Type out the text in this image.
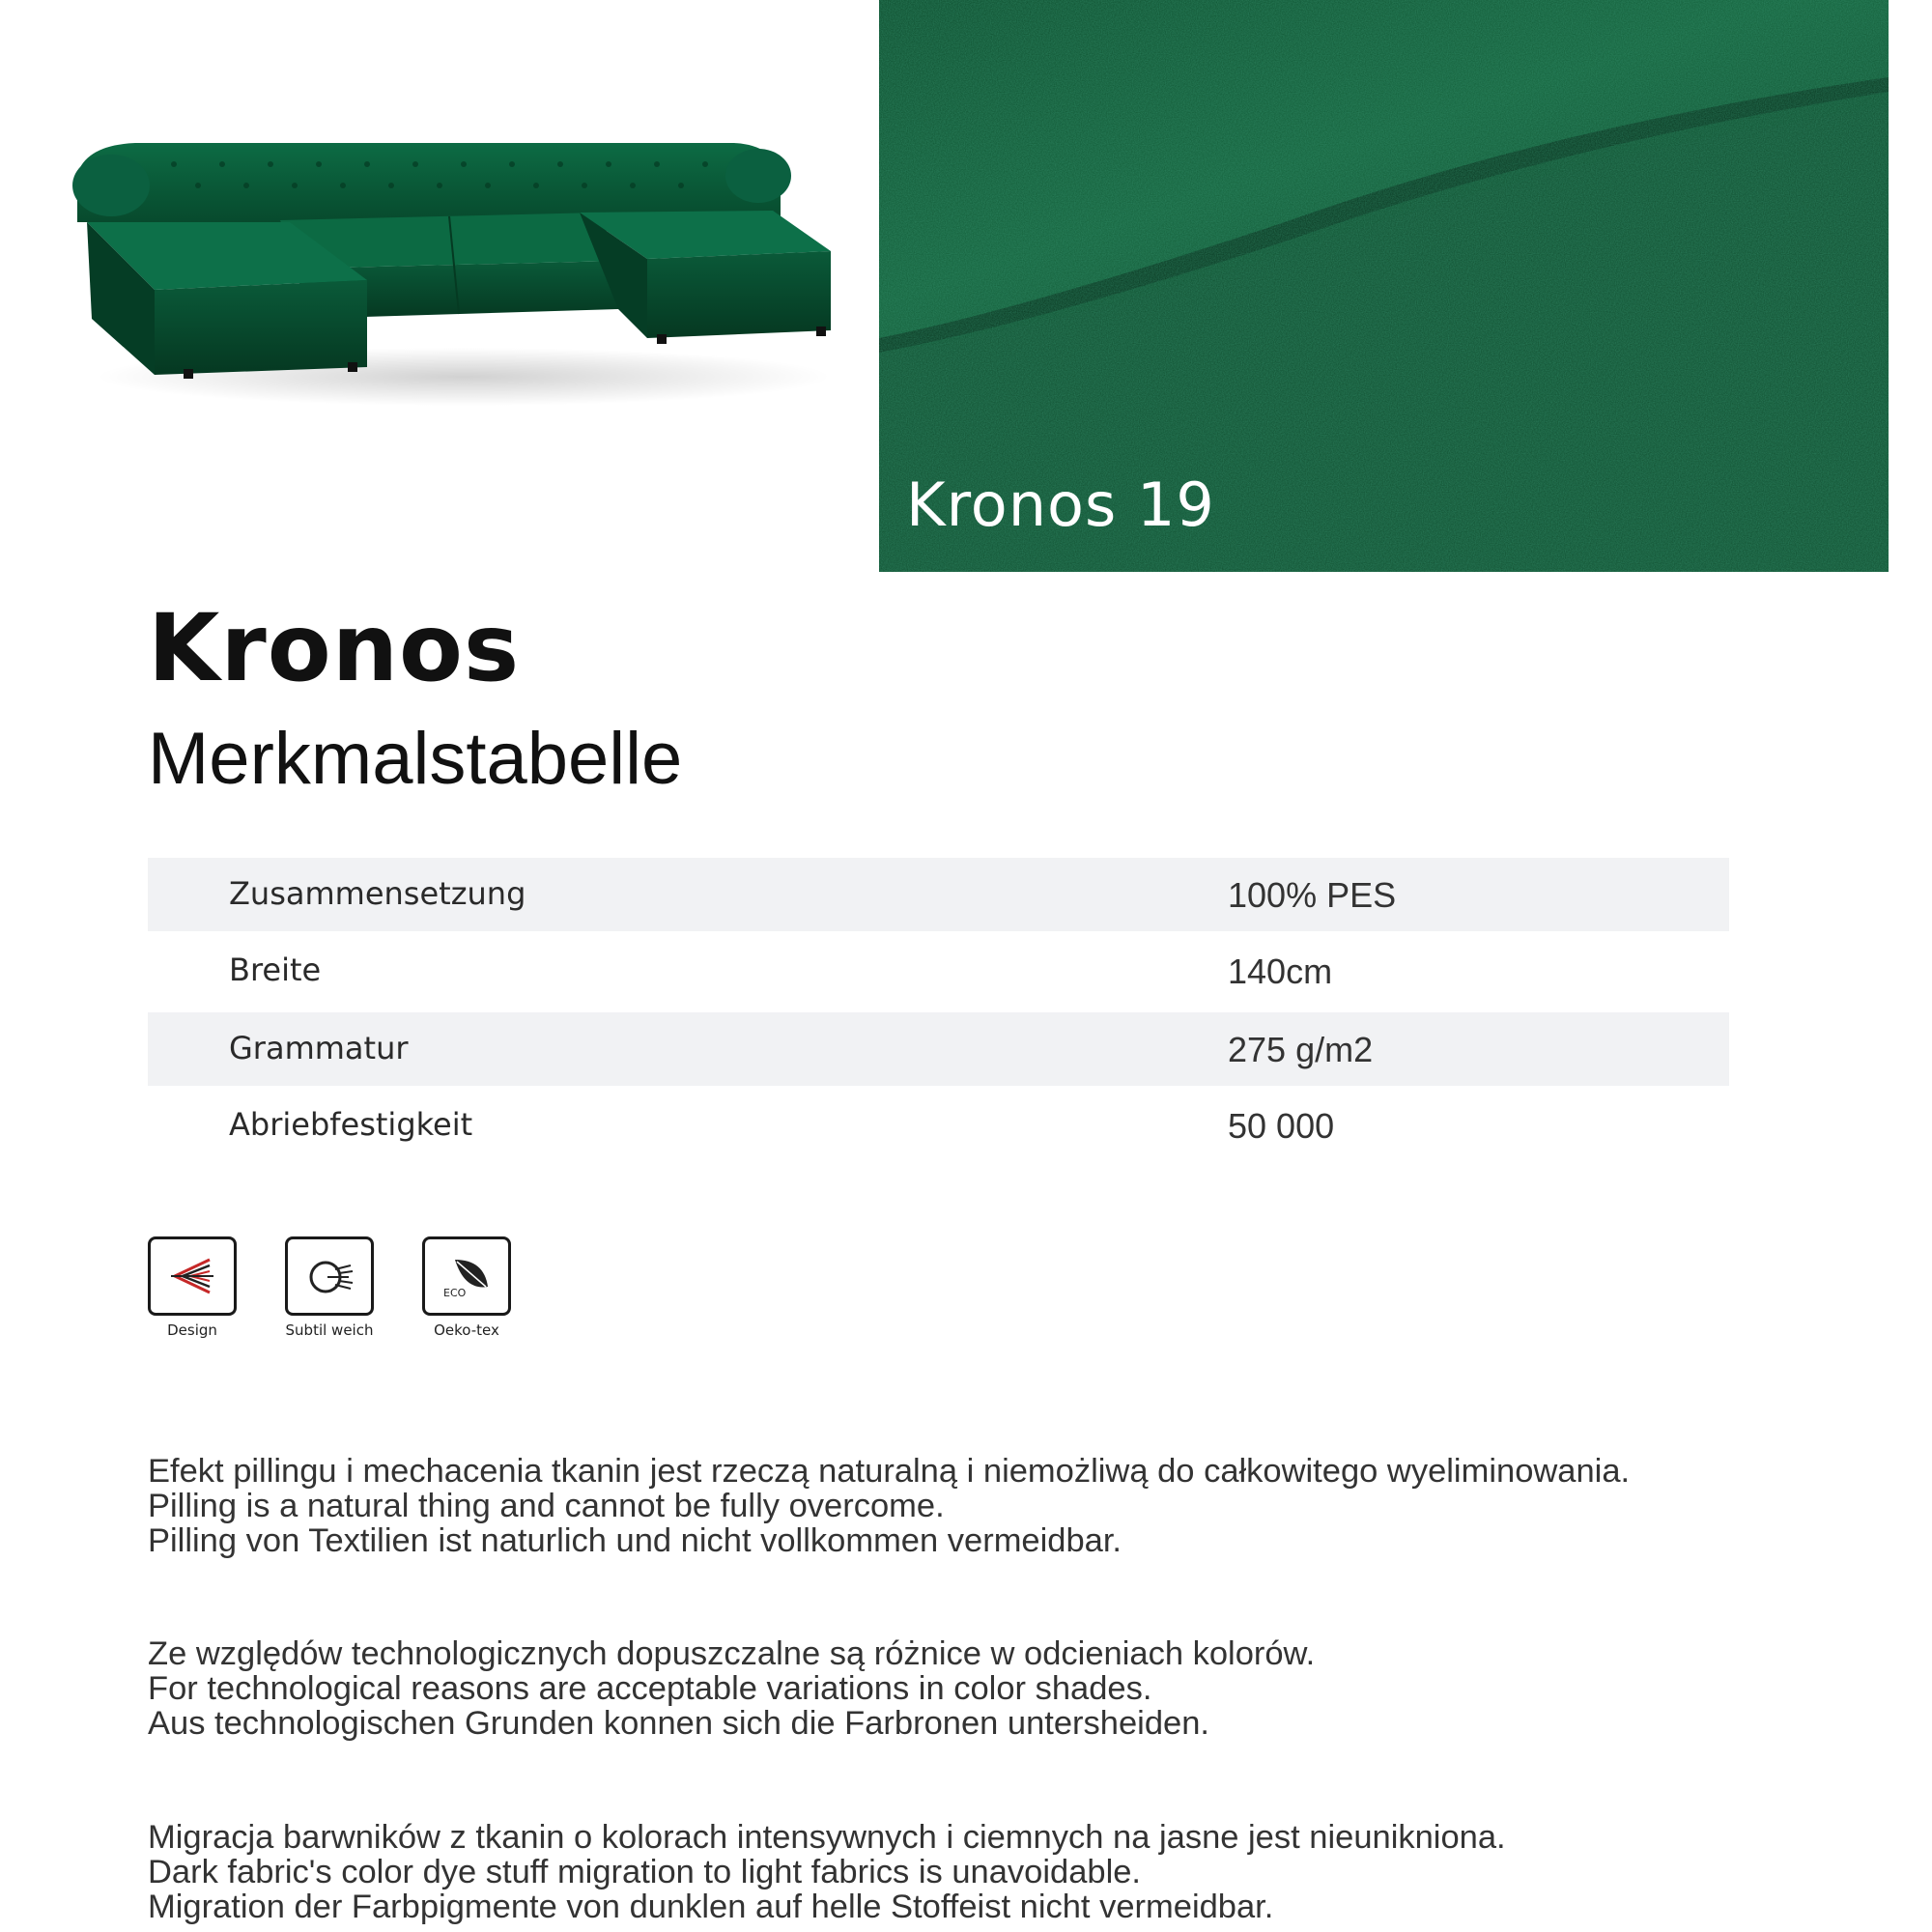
Kronos 19
Kronos
Merkmalstabelle
Zusammensetzung	100% PES
Breite	140cm
Grammatur	275 g/m2
Abriebfestigkeit	50 000
Design	Subtil weich
ECO
Oeko-tex
Efekt pillingu i mechacenia tkanin jest rzeczą naturalną i niemożliwą do całkowitego wyeliminowania.
Pilling is a natural thing and cannot be fully overcome.
Pilling von Textilien ist naturlich und nicht vollkommen vermeidbar.
Ze względów technologicznych dopuszczalne są różnice w odcieniach kolorów.
For technological reasons are acceptable variations in color shades.
Aus technologischen Grunden konnen sich die Farbronen untersheiden.
Migracja barwników z tkanin o kolorach intensywnych i ciemnych na jasne jest nieunikniona.
Dark fabric's color dye stuff migration to light fabrics is unavoidable.
Migration der Farbpigmente von dunklen auf helle Stoffeist nicht vermeidbar.
